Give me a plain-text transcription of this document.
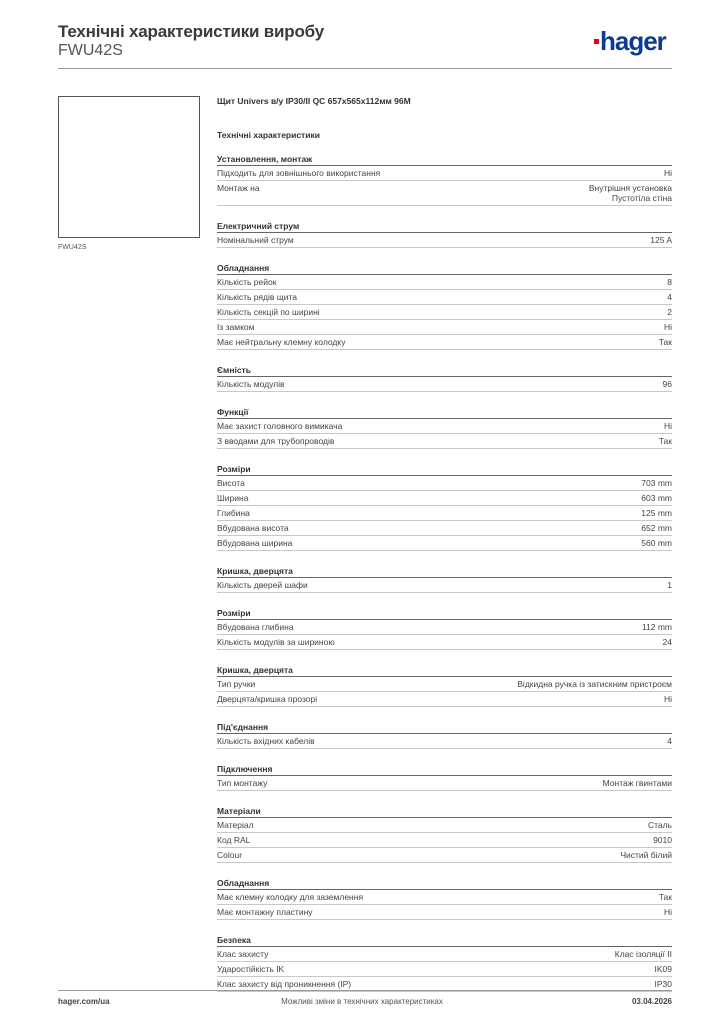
Технічні характеристики виробу
FWU42S	hager
FWU42S
Щит Univers в/у IP30/II QC 657x565x112мм 96М
Технічні характеристики
Установлення, монтаж
Підходить для зовнішнього використання	Ні
Монтаж на	Внутрішня установка
Пустотіла стіна
Електричний струм
Номінальний струм	125 A
Обладнання
Кількість рейок	8
Кількість рядів щита	4
Кількість секцій по ширині	2
Із замком	Ні
Має нейтральну клемну колодку	Так
Ємність
Кількість модулів	96
Функції
Має захист головного вимикача	Ні
З вводами для трубопроводів	Так
Розміри
Висота	703 mm
Ширина	603 mm
Глибина	125 mm
Вбудована висота	652 mm
Вбудована ширина	560 mm
Кришка, дверцята
Кількість дверей шафи	1
Розміри
Вбудована глибина	112 mm
Кількість модулів за шириною	24
Кришка, дверцята
Тип ручки	Відкидна ручка із затискним пристроєм
Дверцята/кришка прозорі	Ні
Під'єднання
Кількість вхідних кабелів	4
Підключення
Тип монтажу	Монтаж гвинтами
Матеріали
Матеріал	Сталь
Код RAL	9010
Colour	Чистий білий
Обладнання
Має клемну колодку для заземлення	Так
Має монтажну пластину	Ні
Безпека
Клас захисту	Клас ізоляції II
Ударостійкість IK	IK09
Клас захисту від проникнення (IP)	IP30
hager.com/ua	Можливі зміни в технічних характеристиках	03.04.2026
